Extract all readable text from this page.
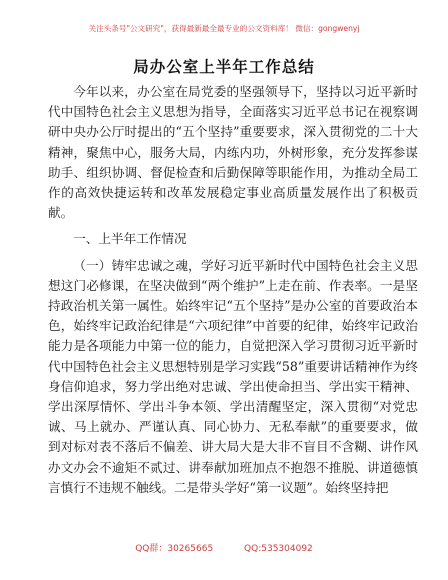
关注头条号"公文研究"，获得最新最全最专业的公文资料库！ 微信：gongwenyj
局办公室上半年工作总结

今年以来，办公室在局党委的坚强领导下，坚持以习近平新时代中国特色社会主义思想为指导，全面落实习近平总书记在视察调研中央办公厅时提出的“五个坚持”重要要求，深入贯彻党的二十大精神，聚焦中心，服务大局，内练内功，外树形象，充分发挥参谋助手、组织协调、督促检查和后勤保障等职能作用，为推动全局工作的高效快捷运转和改革发展稳定事业高质量发展作出了积极贡献。

一、上半年工作情况

（一）铸牢忠诚之魂，学好习近平新时代中国特色社会主义思想这门必修课，在坚决做到“两个维护”上走在前、作表率。一是坚持政治机关第一属性。始终牢记“五个坚持”是办公室的首要政治本色，始终牢记政治纪律是“六项纪律”中首要的纪律，始终牢记政治能力是各项能力中第一位的能力，自觉把深入学习贯彻习近平新时代中国特色社会主义思想特别是学习实践“58”重要讲话精神作为终身信仰追求，努力学出绝对忠诚、学出使命担当、学出实干精神、学出深厚情怀、学出斗争本领、学出清醒坚定，深入贯彻“对党忠诚、马上就办、严谨认真、同心协力、无私奉献”的重要要求，做到对标对表不落后不偏差、讲大局大是大非不盲目不含糊、讲作风办文办会不逾矩不贰过、讲奉献加班加点不抱怨不推脱、讲道德慎言慎行不违规不触线。二是带头学好“第一议题”。始终坚持把

QQ群：30265665	QQ:535304092
